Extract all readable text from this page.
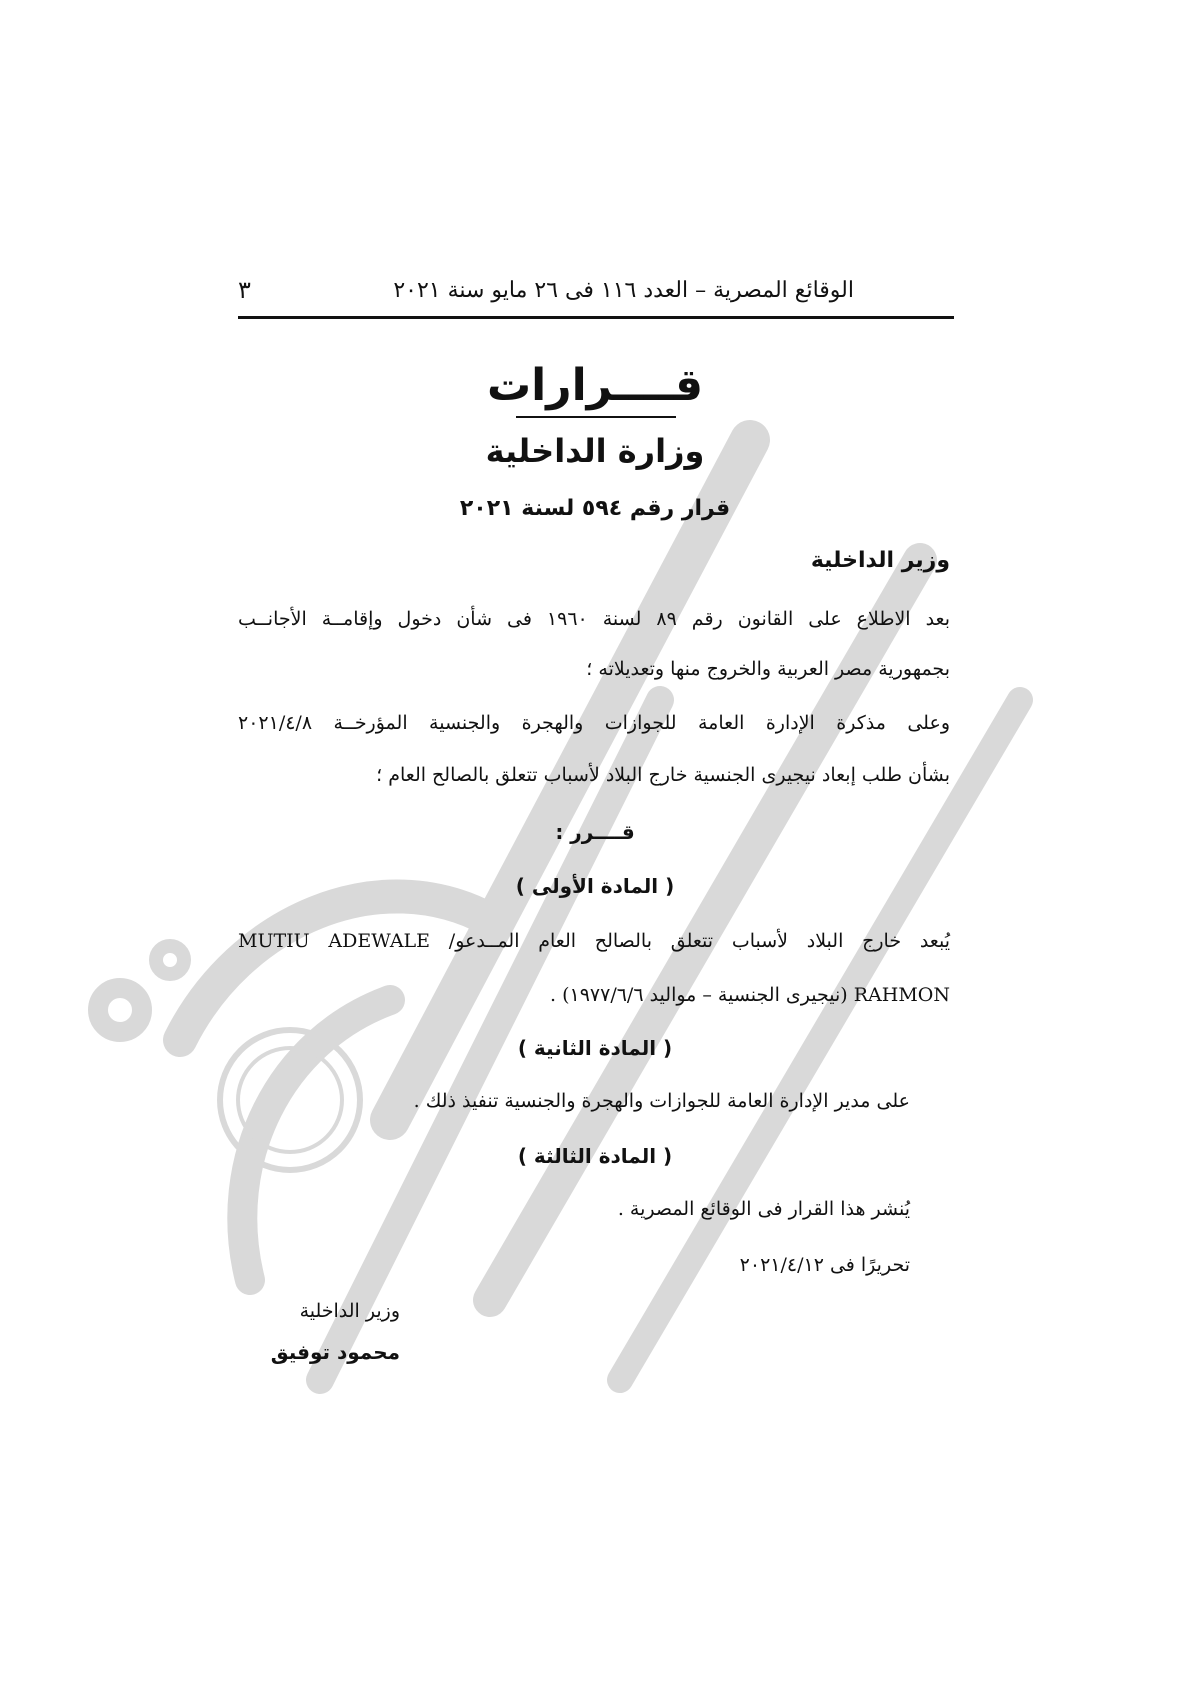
الوقائع المصرية – العدد ١١٦ فى ٢٦ مايو سنة ٢٠٢١
٣
قــــرارات
وزارة الداخلية
قرار رقم ٥٩٤ لسنة ٢٠٢١
وزير الداخلية
بعد الاطلاع على القانون رقم ٨٩ لسنة ١٩٦٠ فى شأن دخول وإقامــة الأجانــب
بجمهورية مصر العربية والخروج منها وتعديلاته ؛
وعلى مذكرة الإدارة العامة للجوازات والهجرة والجنسية المؤرخــة ٢٠٢١/٤/٨
بشأن طلب إبعاد نيجيرى الجنسية خارج البلاد لأسباب تتعلق بالصالح العام ؛
قــــرر :
( المادة الأولى )
يُبعد خارج البلاد لأسباب تتعلق بالصالح العام المــدعو/ MUTIU ADEWALE
RAHMON (نيجيرى الجنسية – مواليد ١٩٧٧/٦/٦) .
( المادة الثانية )
على مدير الإدارة العامة للجوازات والهجرة والجنسية تنفيذ ذلك .
( المادة الثالثة )
يُنشر هذا القرار فى الوقائع المصرية .
تحريرًا فى ٢٠٢١/٤/١٢
وزير الداخلية
محمود توفيق
